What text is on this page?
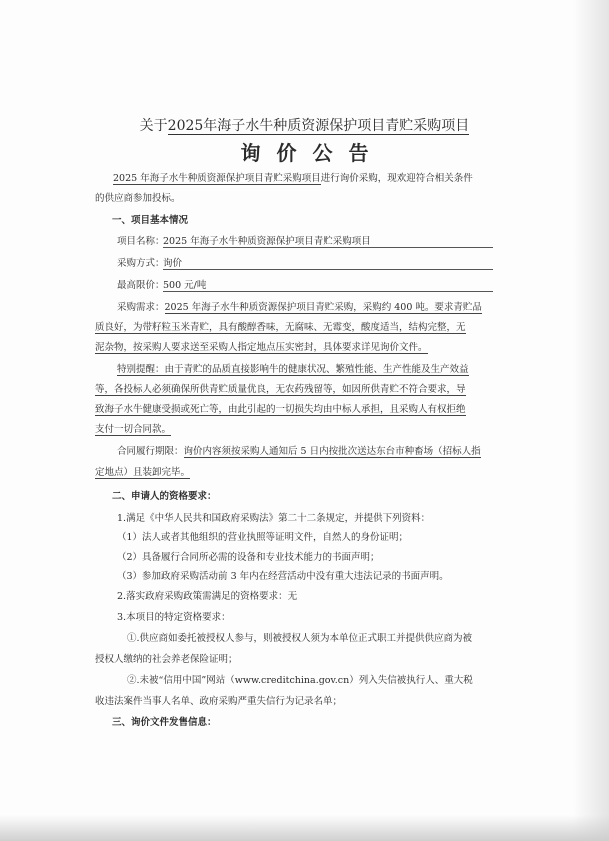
关于2025年海子水牛种质资源保护项目青贮采购项目
询价公告
2025 年海子水牛种质资源保护项目青贮采购项目进行询价采购，现欢迎符合相关条件
的供应商参加投标。
一、项目基本情况
项目名称：
2025 年海子水牛种质资源保护项目青贮采购项目
采购方式：
询价
最高限价：
500 元/吨
采购需求：2025 年海子水牛种质资源保护项目青贮采购，采购约 400 吨。要求青贮品
质良好，为带籽粒玉米青贮，具有酸醇香味，无腐味、无霉变，酸度适当，结构完整，无
泥杂物，按采购人要求送至采购人指定地点压实密封，具体要求详见询价文件。
特别提醒：由于青贮的品质直接影响牛的健康状况、繁殖性能、生产性能及生产效益
等，各投标人必须确保所供青贮质量优良，无农药残留等，如因所供青贮不符合要求，导
致海子水牛健康受损或死亡等，由此引起的一切损失均由中标人承担，且采购人有权拒绝
支付一切合同款。
合同履行期限：询价内容须按采购人通知后 5 日内按批次送达东台市种畜场（招标人指
定地点）且装卸完毕。
二、申请人的资格要求：
1.满足《中华人民共和国政府采购法》第二十二条规定，并提供下列资料：
（1）法人或者其他组织的营业执照等证明文件，自然人的身份证明；
（2）具备履行合同所必需的设备和专业技术能力的书面声明；
（3）参加政府采购活动前 3 年内在经营活动中没有重大违法记录的书面声明。
2.落实政府采购政策需满足的资格要求：无
3.本项目的特定资格要求：
①.供应商如委托被授权人参与，则被授权人须为本单位正式职工并提供供应商为被
授权人缴纳的社会养老保险证明；
②.未被“信用中国”网站（www.creditchina.gov.cn）列入失信被执行人、重大税
收违法案件当事人名单、政府采购严重失信行为记录名单；
三、询价文件发售信息：
